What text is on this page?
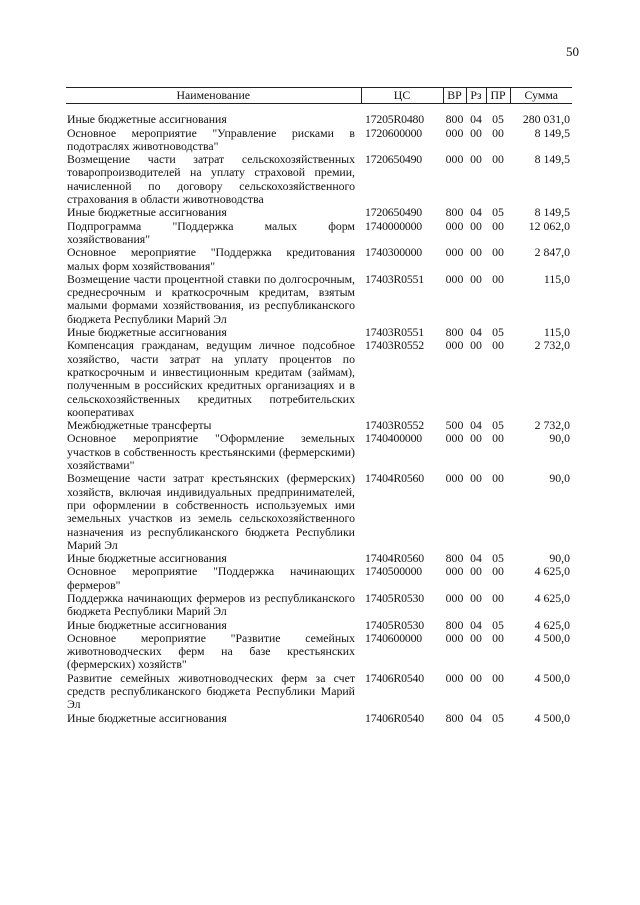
50
Наименование	ЦС	ВР	Рз	ПР	Сумма
Иные бюджетные ассигнования	17205R0480	800	04	05	280 031,0
Основное мероприятие "Управление рисками в подотраслях животноводства"	1720600000	000	00	00	8 149,5
Возмещение части затрат сельскохозяйственных товаропроизводителей на уплату страховой премии, начисленной по договору сельскохозяйственного страхования в области животноводства	1720650490	000	00	00	8 149,5
Иные бюджетные ассигнования	1720650490	800	04	05	8 149,5
Подпрограмма "Поддержка малых форм хозяйствования"	1740000000	000	00	00	12 062,0
Основное мероприятие "Поддержка кредитования малых форм хозяйствования"	1740300000	000	00	00	2 847,0
Возмещение части процентной ставки по долгосрочным, среднесрочным и краткосрочным кредитам, взятым малыми формами хозяйствования, из республиканского бюджета Республики Марий Эл	17403R0551	000	00	00	115,0
Иные бюджетные ассигнования	17403R0551	800	04	05	115,0
Компенсация гражданам, ведущим личное подсобное хозяйство, части затрат на уплату процентов по краткосрочным и инвестиционным кредитам (займам), полученным в российских кредитных организациях и в сельскохозяйственных кредитных потребительских кооперативах	17403R0552	000	00	00	2 732,0
Межбюджетные трансферты	17403R0552	500	04	05	2 732,0
Основное мероприятие "Оформление земельных участков в собственность крестьянскими (фермерскими) хозяйствами"	1740400000	000	00	00	90,0
Возмещение части затрат крестьянских (фермерских) хозяйств, включая индивидуальных предпринимателей, при оформлении в собственность используемых ими земельных участков из земель сельскохозяйственного назначения из республиканского бюджета Республики Марий Эл	17404R0560	000	00	00	90,0
Иные бюджетные ассигнования	17404R0560	800	04	05	90,0
Основное мероприятие "Поддержка начинающих фермеров"	1740500000	000	00	00	4 625,0
Поддержка начинающих фермеров из республиканского бюджета Республики Марий Эл	17405R0530	000	00	00	4 625,0
Иные бюджетные ассигнования	17405R0530	800	04	05	4 625,0
Основное мероприятие "Развитие семейных животноводческих ферм на базе крестьянских (фермерских) хозяйств"	1740600000	000	00	00	4 500,0
Развитие семейных животноводческих ферм за счет средств республиканского бюджета Республики Марий Эл	17406R0540	000	00	00	4 500,0
Иные бюджетные ассигнования	17406R0540	800	04	05	4 500,0
